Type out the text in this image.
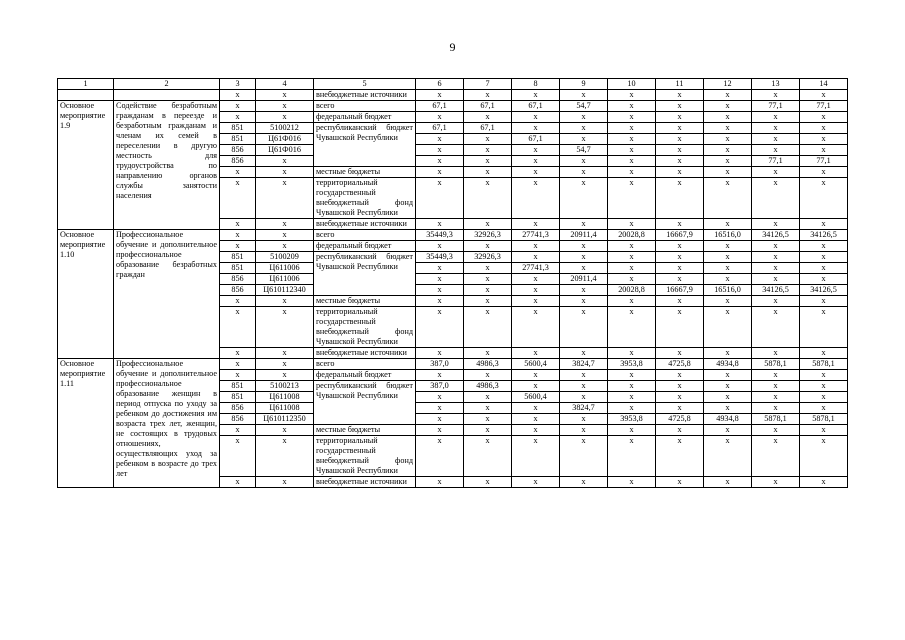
9
1	2	3	4	5	6	7	8	9	10	11	12	13	14
		x	x	внебюджетные источники	x	x	x	x	x	x	x	x	x
Основное мероприятие 1.9	Содействие безработным гражданам в переезде и безработным гражданам и членам их семей в переселении в другую местность для трудоустройства по направлению органов службы занятости населения	x	x	всего	67,1	67,1	67,1	54,7	x	x	x	77,1	77,1
		x	x	федеральный бюджет	x	x	x	x	x	x	x	x	x
		851	5100212	республиканский бюджет Чувашской Республики	67,1	67,1	x	x	x	x	x	x	x
		851	Ц61Ф016		x	x	67,1	x	x	x	x	x	x
		856	Ц61Ф016		x	x	x	54,7	x	x	x	x	x
		856	x		x	x	x	x	x	x	x	77,1	77,1
		x	x	местные бюджеты	x	x	x	x	x	x	x	x	x
		x	x	территориальный государственный внебюджетный фонд Чувашской Республики	x	x	x	x	x	x	x	x	x
		x	x	внебюджетные источники	x	x	x	x	x	x	x	x	x
Основное мероприятие 1.10	Профессиональное обучение и дополнительное профессиональное образование безработных граждан	x	x	всего	35449,3	32926,3	27741,3	20911,4	20028,8	16667,9	16516,0	34126,5	34126,5
		x	x	федеральный бюджет	x	x	x	x	x	x	x	x	x
		851	5100209	республиканский бюджет Чувашской Республики	35449,3	32926,3	x	x	x	x	x	x	x
		851	Ц611006		x	x	27741,3	x	x	x	x	x	x
		856	Ц611006		x	x	x	20911,4	x	x	x	x	x
		856	Ц610112340		x	x	x	x	20028,8	16667,9	16516,0	34126,5	34126,5
		x	x	местные бюджеты	x	x	x	x	x	x	x	x	x
		x	x	территориальный государственный внебюджетный фонд Чувашской Республики	x	x	x	x	x	x	x	x	x
		x	x	внебюджетные источники	x	x	x	x	x	x	x	x	x
Основное мероприятие 1.11	Профессиональное обучение и дополнительное профессиональное образование женщин в период отпуска по уходу за ребенком до достижения им возраста трех лет, женщин, не состоящих в трудовых отношениях, осуществляющих уход за ребенком в возрасте до трех лет	x	x	всего	387,0	4986,3	5600,4	3824,7	3953,8	4725,8	4934,8	5878,1	5878,1
		x	x	федеральный бюджет	x	x	x	x	x	x	x	x	x
		851	5100213	республиканский бюджет Чувашской Республики	387,0	4986,3	x	x	x	x	x	x	x
		851	Ц611008		x	x	5600,4	x	x	x	x	x	x
		856	Ц611008		x	x	x	3824,7	x	x	x	x	x
		856	Ц610112350		x	x	x	x	3953,8	4725,8	4934,8	5878,1	5878,1
		x	x	местные бюджеты	x	x	x	x	x	x	x	x	x
		x	x	территориальный государственный внебюджетный фонд Чувашской Республики	x	x	x	x	x	x	x	x	x
		x	x	внебюджетные источники	x	x	x	x	x	x	x	x	x
